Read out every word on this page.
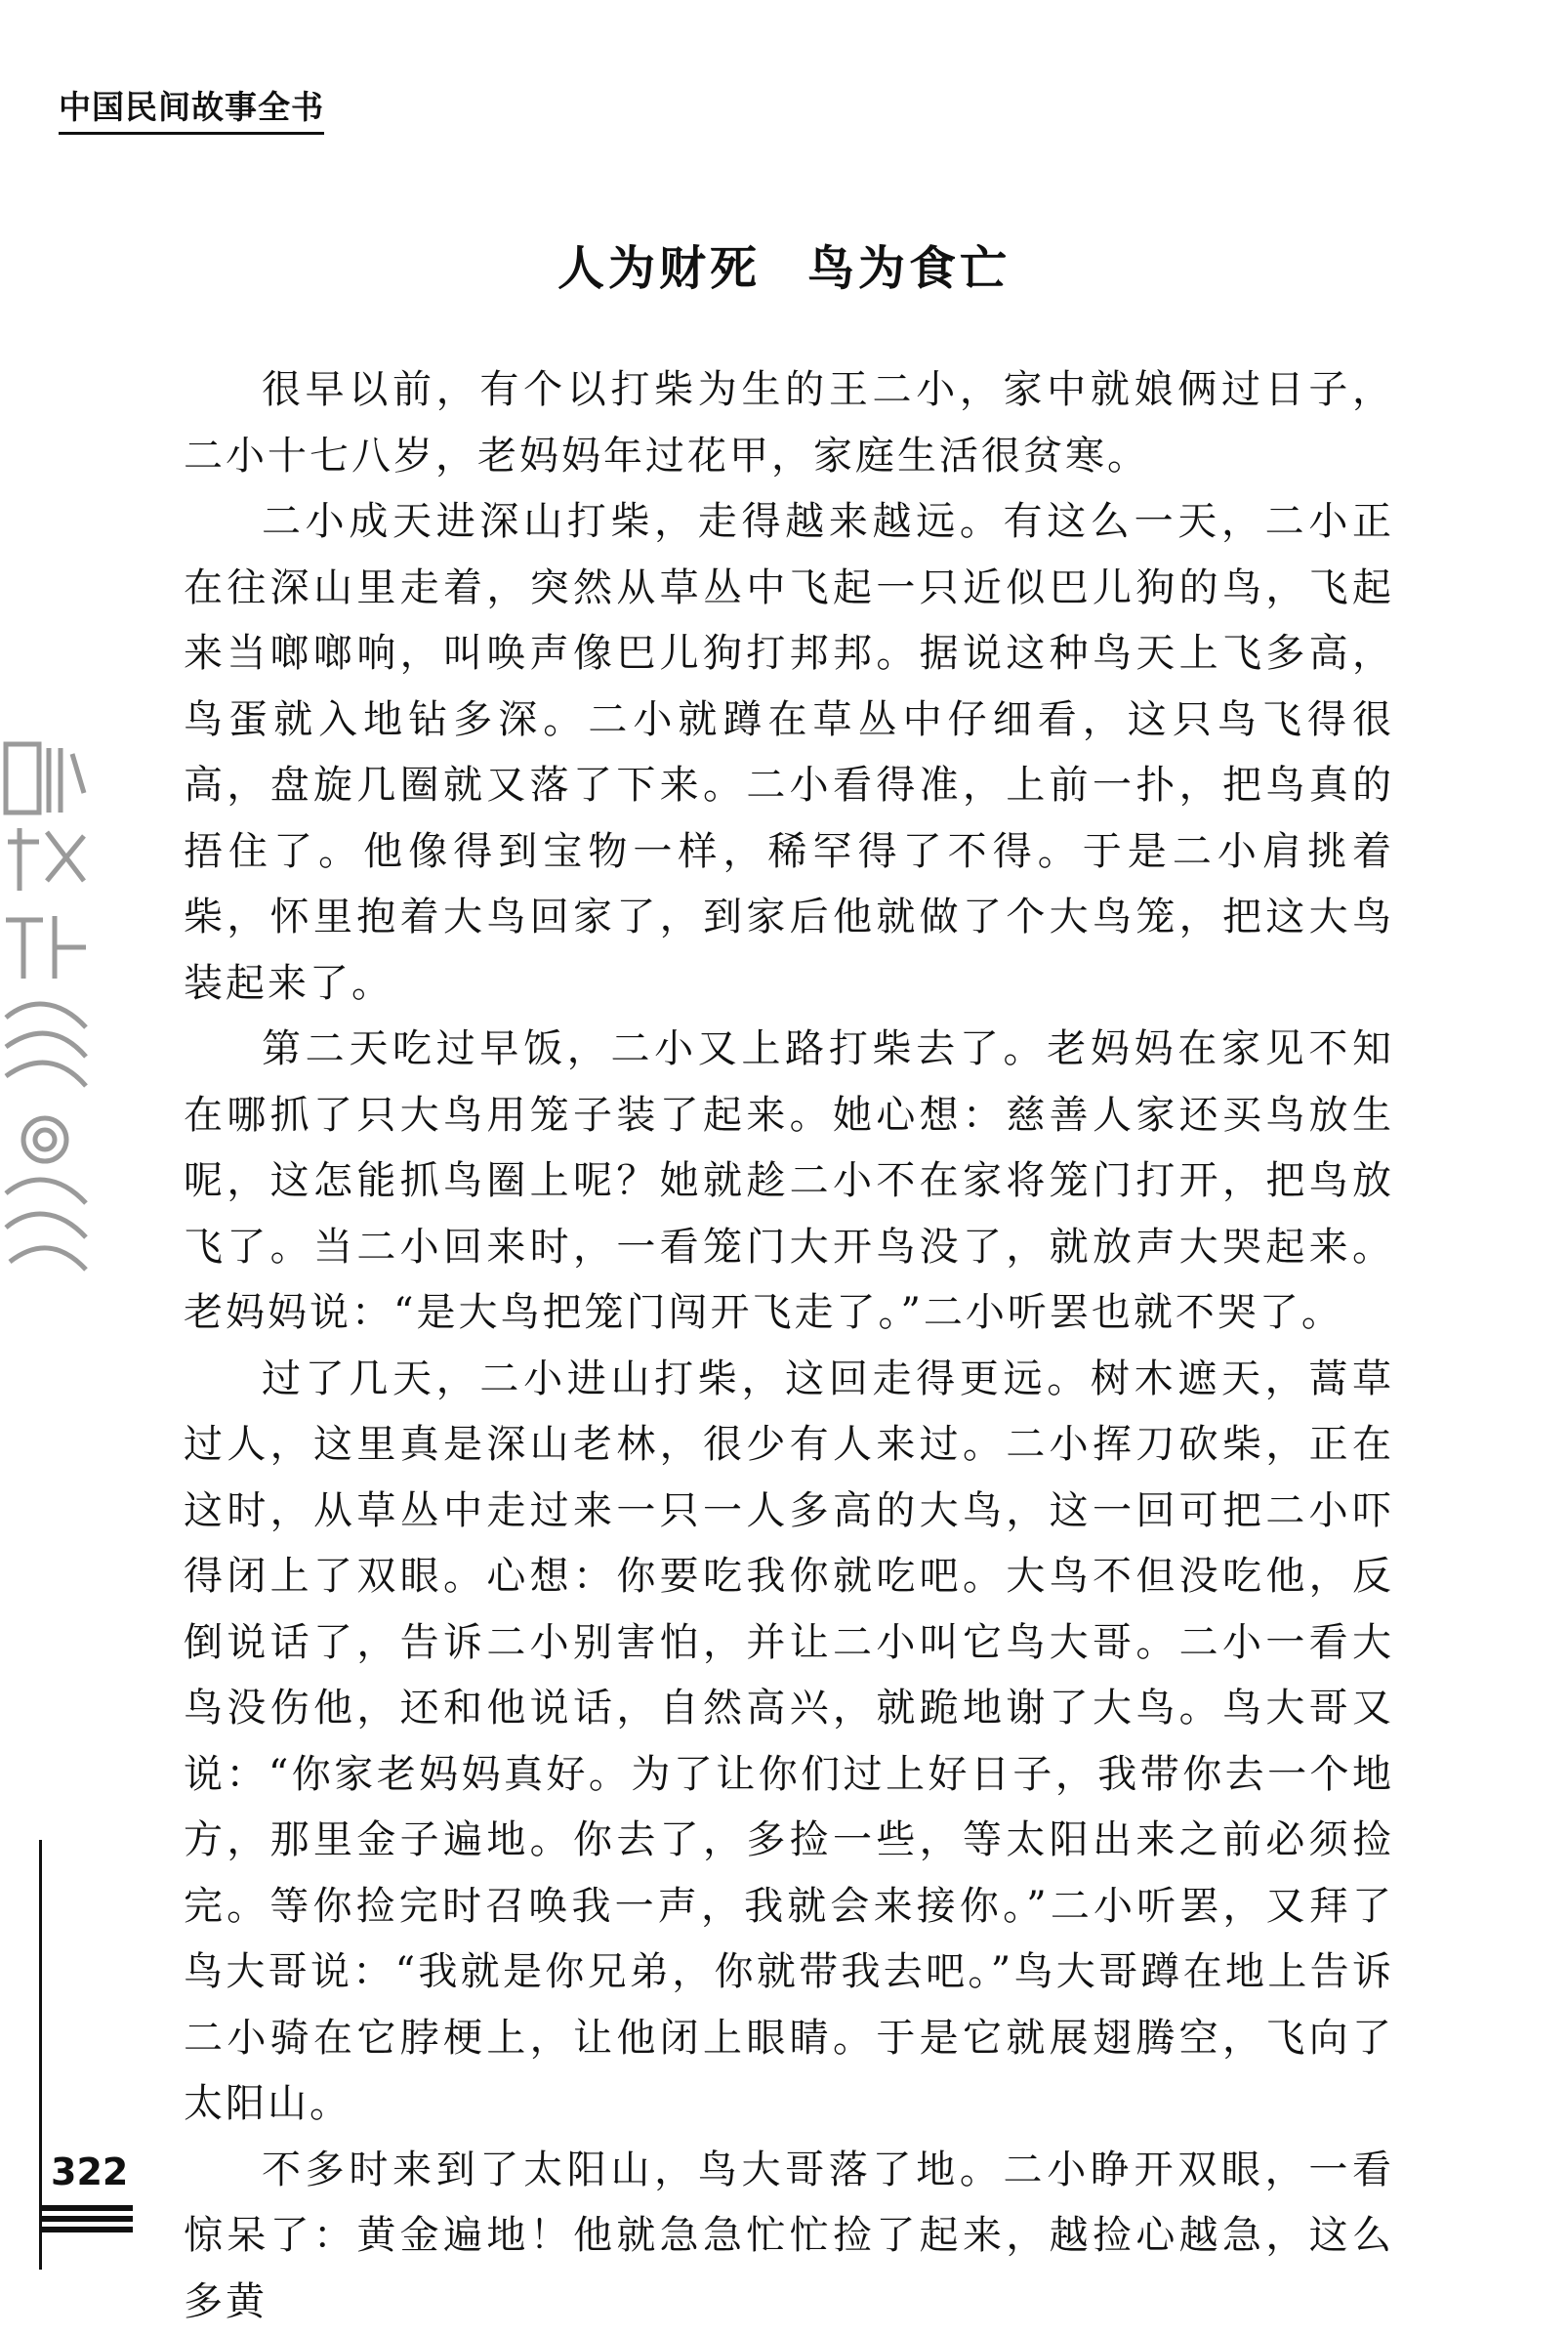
中国民间故事全书
人为财死 鸟为食亡

很早以前，有个以打柴为生的王二小，家中就娘俩过日子，二小十七八岁，老妈妈年过花甲，家庭生活很贫寒。

二小成天进深山打柴，走得越来越远。有这么一天，二小正在往深山里走着，突然从草丛中飞起一只近似巴儿狗的鸟，飞起来当啷啷响，叫唤声像巴儿狗打邦邦。据说这种鸟天上飞多高，鸟蛋就入地钻多深。二小就蹲在草丛中仔细看，这只鸟飞得很高，盘旋几圈就又落了下来。二小看得准，上前一扑，把鸟真的捂住了。他像得到宝物一样，稀罕得了不得。于是二小肩挑着柴，怀里抱着大鸟回家了，到家后他就做了个大鸟笼，把这大鸟装起来了。

第二天吃过早饭，二小又上路打柴去了。老妈妈在家见不知在哪抓了只大鸟用笼子装了起来。她心想：慈善人家还买鸟放生呢，这怎能抓鸟圈上呢？她就趁二小不在家将笼门打开，把鸟放飞了。当二小回来时，一看笼门大开鸟没了，就放声大哭起来。老妈妈说：“是大鸟把笼门闯开飞走了。”二小听罢也就不哭了。

过了几天，二小进山打柴，这回走得更远。树木遮天，蒿草过人，这里真是深山老林，很少有人来过。二小挥刀砍柴，正在这时，从草丛中走过来一只一人多高的大鸟，这一回可把二小吓得闭上了双眼。心想：你要吃我你就吃吧。大鸟不但没吃他，反倒说话了，告诉二小别害怕，并让二小叫它鸟大哥。二小一看大鸟没伤他，还和他说话，自然高兴，就跪地谢了大鸟。鸟大哥又说：“你家老妈妈真好。为了让你们过上好日子，我带你去一个地方，那里金子遍地。你去了，多捡一些，等太阳出来之前必须捡完。等你捡完时召唤我一声，我就会来接你。”二小听罢，又拜了鸟大哥说：“我就是你兄弟，你就带我去吧。”鸟大哥蹲在地上告诉二小骑在它脖梗上，让他闭上眼睛。于是它就展翅腾空，飞向了太阳山。

不多时来到了太阳山，鸟大哥落了地。二小睁开双眼，一看惊呆了：黄金遍地！他就急急忙忙捡了起来，越捡心越急，这么多黄

322
